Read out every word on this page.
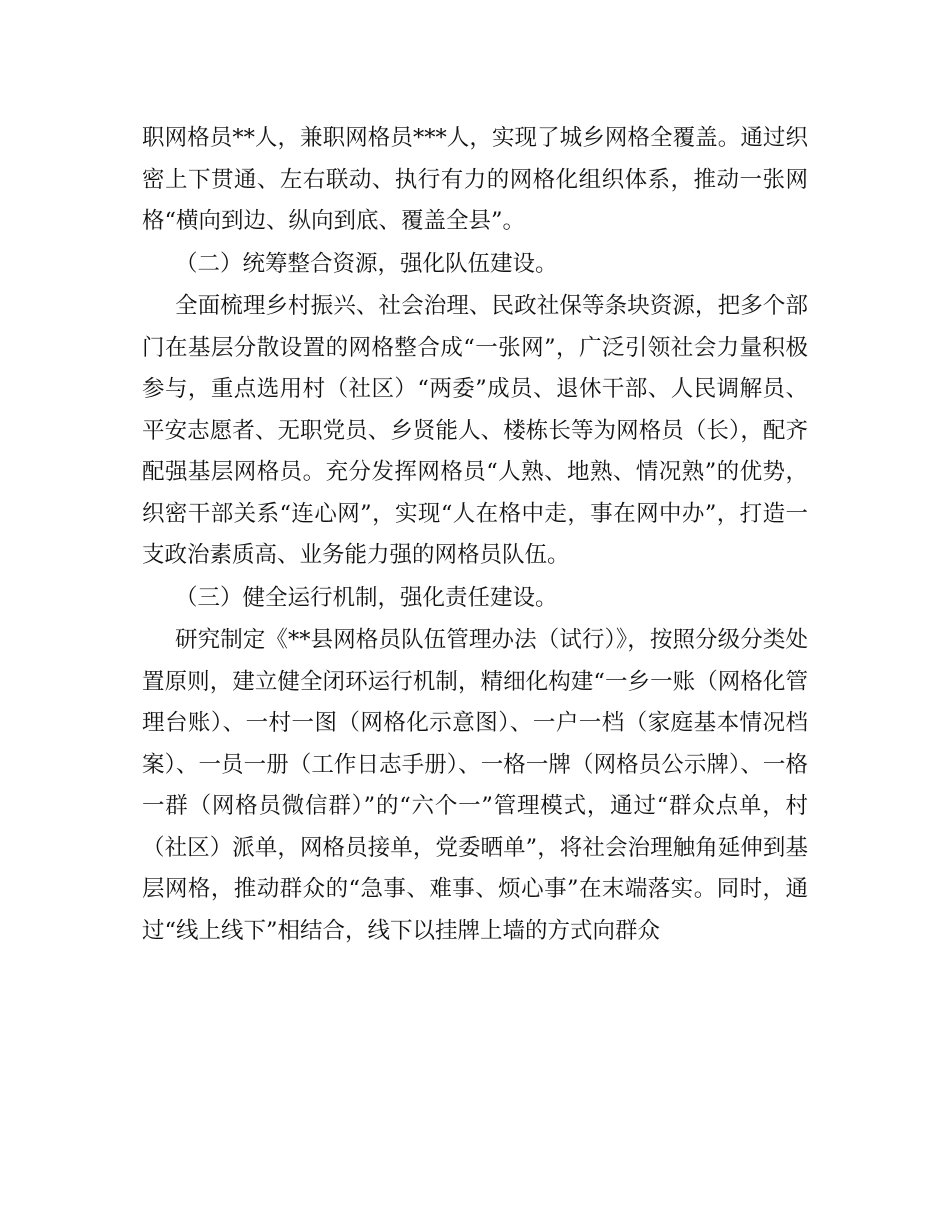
职网格员**人，兼职网格员***人，实现了城乡网格全覆盖。通过织密上下贯通、左右联动、执行有力的网格化组织体系，推动一张网格“横向到边、纵向到底、覆盖全县”。

（二）统筹整合资源，强化队伍建设。

全面梳理乡村振兴、社会治理、民政社保等条块资源，把多个部门在基层分散设置的网格整合成“一张网”，广泛引领社会力量积极参与，重点选用村（社区）“两委”成员、退休干部、人民调解员、平安志愿者、无职党员、乡贤能人、楼栋长等为网格员（长），配齐配强基层网格员。充分发挥网格员“人熟、地熟、情况熟”的优势，织密干部关系“连心网”，实现“人在格中走，事在网中办”，打造一支政治素质高、业务能力强的网格员队伍。

（三）健全运行机制，强化责任建设。

研究制定《**县网格员队伍管理办法（试行）》，按照分级分类处置原则，建立健全闭环运行机制，精细化构建“一乡一账（网格化管理台账）、一村一图（网格化示意图）、一户一档（家庭基本情况档案）、一员一册（工作日志手册）、一格一牌（网格员公示牌）、一格一群（网格员微信群）”的“六个一”管理模式，通过“群众点单，村（社区）派单，网格员接单，党委晒单”，将社会治理触角延伸到基层网格，推动群众的“急事、难事、烦心事”在末端落实。同时，通过“线上线下”相结合，线下以挂牌上墙的方式向群众
